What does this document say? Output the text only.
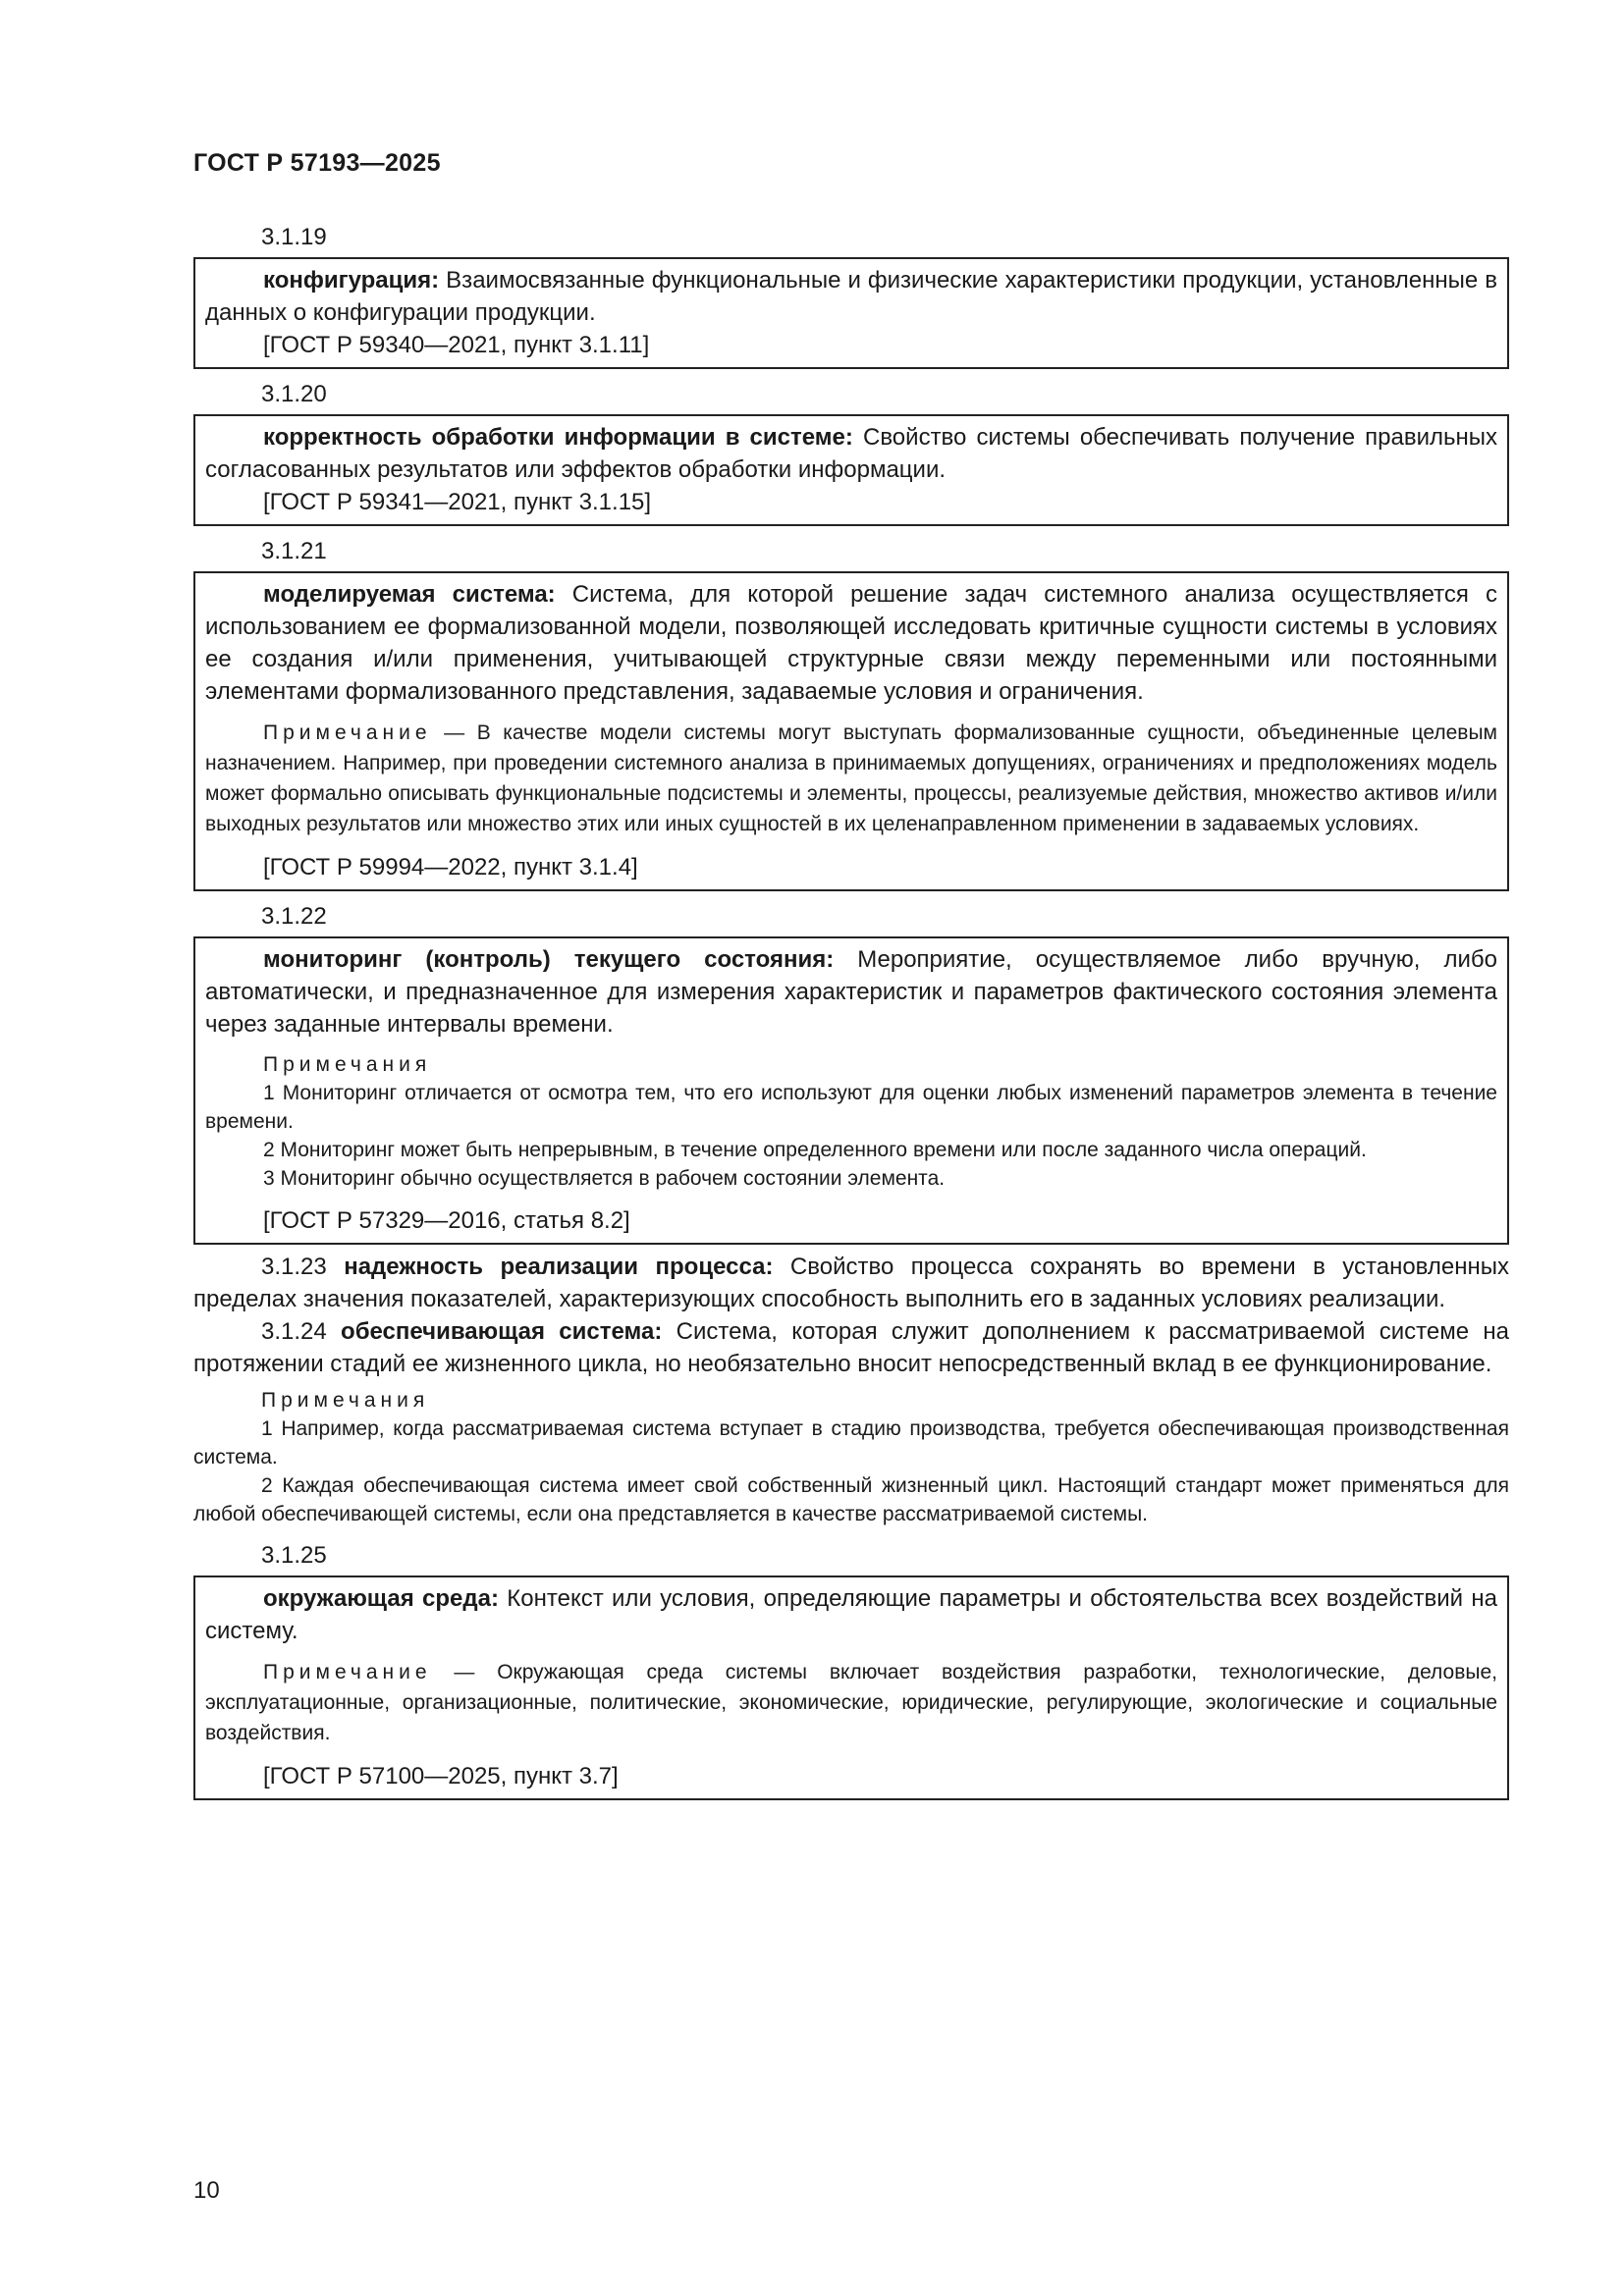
ГОСТ Р 57193—2025
3.1.19

конфигурация: Взаимосвязанные функциональные и физические характеристики продукции, установленные в данных о конфигурации продукции.

[ГОСТ Р 59340—2021, пункт 3.1.11]

3.1.20

корректность обработки информации в системе: Свойство системы обеспечивать получение правильных согласованных результатов или эффектов обработки информации.

[ГОСТ Р 59341—2021, пункт 3.1.15]

3.1.21

моделируемая система: Система, для которой решение задач системного анализа осуществляется с использованием ее формализованной модели, позволяющей исследовать критичные сущности системы в условиях ее создания и/или применения, учитывающей структурные связи между переменными или постоянными элементами формализованного представления, задаваемые условия и ограничения.

Примечание — В качестве модели системы могут выступать формализованные сущности, объединенные целевым назначением. Например, при проведении системного анализа в принимаемых допущениях, ограничениях и предположениях модель может формально описывать функциональные подсистемы и элементы, процессы, реализуемые действия, множество активов и/или выходных результатов или множество этих или иных сущностей в их целенаправленном применении в задаваемых условиях.

[ГОСТ Р 59994—2022, пункт 3.1.4]

3.1.22

мониторинг (контроль) текущего состояния: Мероприятие, осуществляемое либо вручную, либо автоматически, и предназначенное для измерения характеристик и параметров фактического состояния элемента через заданные интервалы времени.

Примечания

1 Мониторинг отличается от осмотра тем, что его используют для оценки любых изменений параметров элемента в течение времени.

2 Мониторинг может быть непрерывным, в течение определенного времени или после заданного числа операций.

3 Мониторинг обычно осуществляется в рабочем состоянии элемента.

[ГОСТ Р 57329—2016, статья 8.2]

3.1.23 надежность реализации процесса: Свойство процесса сохранять во времени в установленных пределах значения показателей, характеризующих способность выполнить его в заданных условиях реализации.

3.1.24 обеспечивающая система: Система, которая служит дополнением к рассматриваемой системе на протяжении стадий ее жизненного цикла, но необязательно вносит непосредственный вклад в ее функционирование.

Примечания

1 Например, когда рассматриваемая система вступает в стадию производства, требуется обеспечивающая производственная система.

2 Каждая обеспечивающая система имеет свой собственный жизненный цикл. Настоящий стандарт может применяться для любой обеспечивающей системы, если она представляется в качестве рассматриваемой системы.

3.1.25

окружающая среда: Контекст или условия, определяющие параметры и обстоятельства всех воздействий на систему.

Примечание — Окружающая среда системы включает воздействия разработки, технологические, деловые, эксплуатационные, организационные, политические, экономические, юридические, регулирующие, экологические и социальные воздействия.

[ГОСТ Р 57100—2025, пункт 3.7]

10
